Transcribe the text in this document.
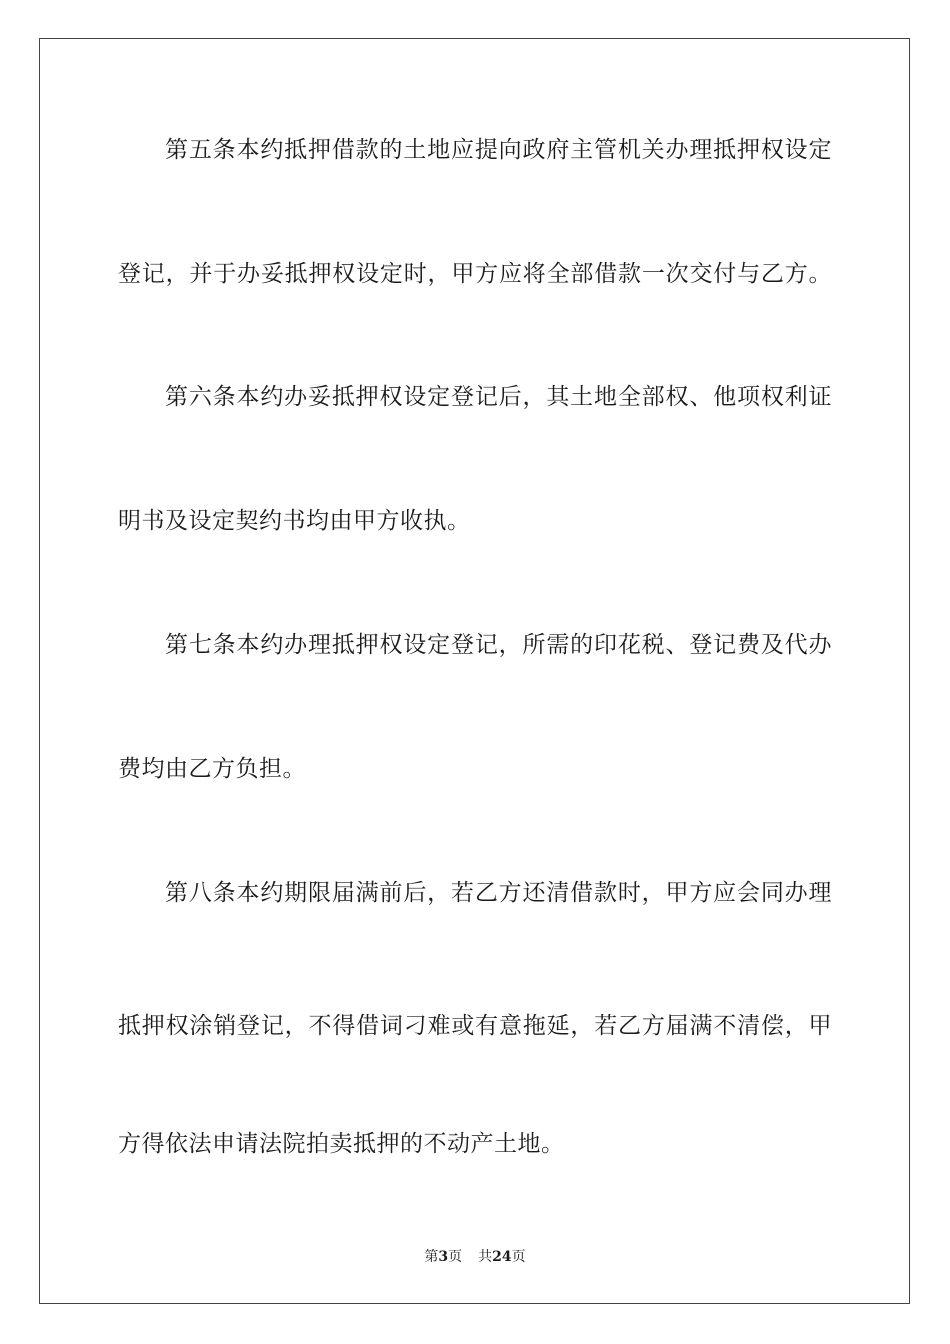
第五条本约抵押借款的土地应提向政府主管机关办理抵押权设定
登记，并于办妥抵押权设定时，甲方应将全部借款一次交付与乙方。
第六条本约办妥抵押权设定登记后，其土地全部权、他项权利证
明书及设定契约书均由甲方收执。
第七条本约办理抵押权设定登记，所需的印花税、登记费及代办
费均由乙方负担。
第八条本约期限届满前后，若乙方还清借款时，甲方应会同办理
抵押权涂销登记，不得借词刁难或有意拖延，若乙方届满不清偿，甲
方得依法申请法院拍卖抵押的不动产土地。
第3页 共24页
